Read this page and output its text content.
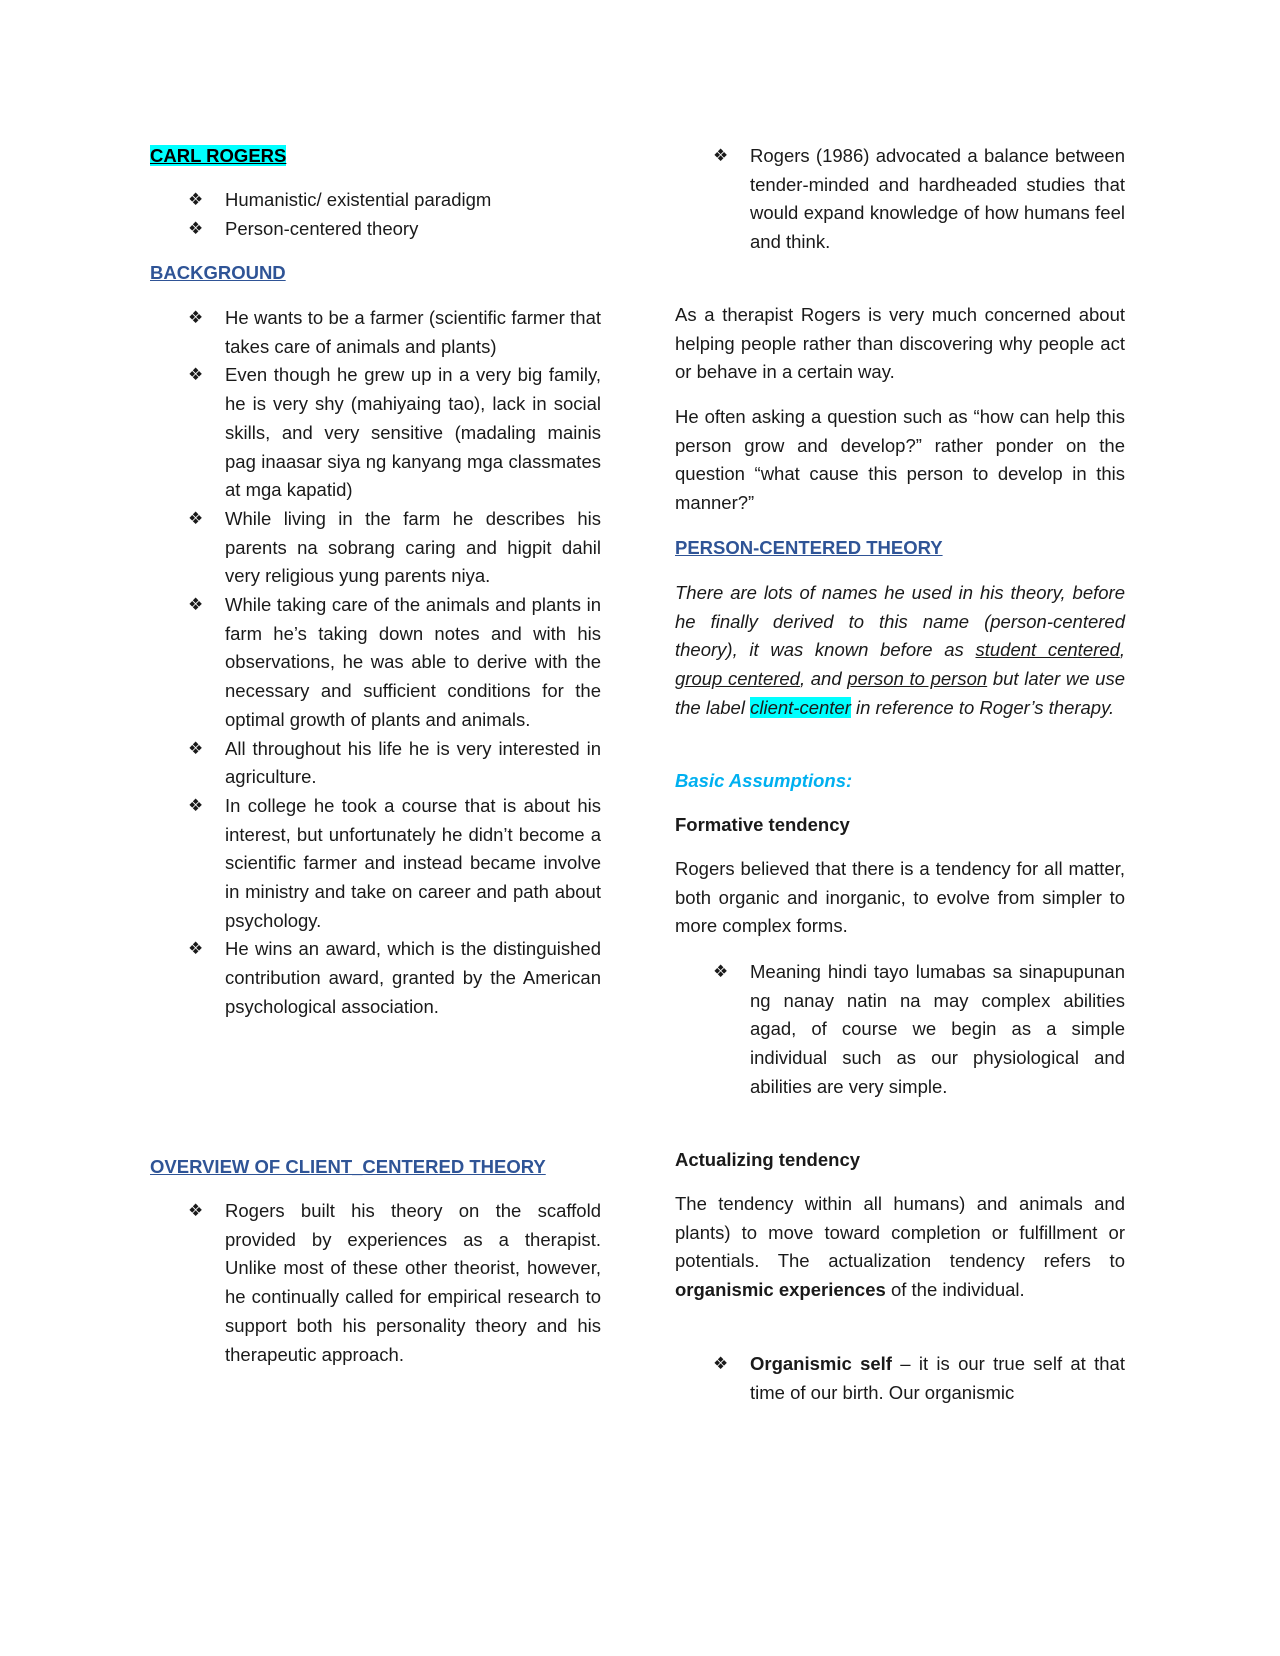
CARL ROGERS
❖ Humanistic/ existential paradigm
❖ Person-centered theory
BACKGROUND
❖ He wants to be a farmer (scientific farmer that takes care of animals and plants)
❖ Even though he grew up in a very big family, he is very shy (mahiyaing tao), lack in social skills, and very sensitive (madaling mainis pag inaasar siya ng kanyang mga classmates at mga kapatid)
❖ While living in the farm he describes his parents na sobrang caring and higpit dahil very religious yung parents niya.
❖ While taking care of the animals and plants in farm he’s taking down notes and with his observations, he was able to derive with the necessary and sufficient conditions for the optimal growth of plants and animals.
❖ All throughout his life he is very interested in agriculture.
❖ In college he took a course that is about his interest, but unfortunately he didn’t become a scientific farmer and instead became involve in ministry and take on career and path about psychology.
❖ He wins an award, which is the distinguished contribution award, granted by the American psychological association.
OVERVIEW OF CLIENT_CENTERED THEORY
❖ Rogers built his theory on the scaffold provided by experiences as a therapist. Unlike most of these other theorist, however, he continually called for empirical research to support both his personality theory and his therapeutic approach.
❖ Rogers (1986) advocated a balance between tender-minded and hardheaded studies that would expand knowledge of how humans feel and think.

As a therapist Rogers is very much concerned about helping people rather than discovering why people act or behave in a certain way.

He often asking a question such as “how can help this person grow and develop?” rather ponder on the question “what cause this person to develop in this manner?”

PERSON-CENTERED THEORY

There are lots of names he used in his theory, before he finally derived to this name (person-centered theory), it was known before as student centered, group centered, and person to person but later we use the label client-center in reference to Roger’s therapy.

Basic Assumptions:
Formative tendency

Rogers believed that there is a tendency for all matter, both organic and inorganic, to evolve from simpler to more complex forms.

❖ Meaning hindi tayo lumabas sa sinapupunan ng nanay natin na may complex abilities agad, of course we begin as a simple individual such as our physiological and abilities are very simple.
Actualizing tendency

The tendency within all humans) and animals and plants) to move toward completion or fulfillment or potentials. The actualization tendency refers to organismic experiences of the individual.

❖ Organismic self – it is our true self at that time of our birth. Our organismic
